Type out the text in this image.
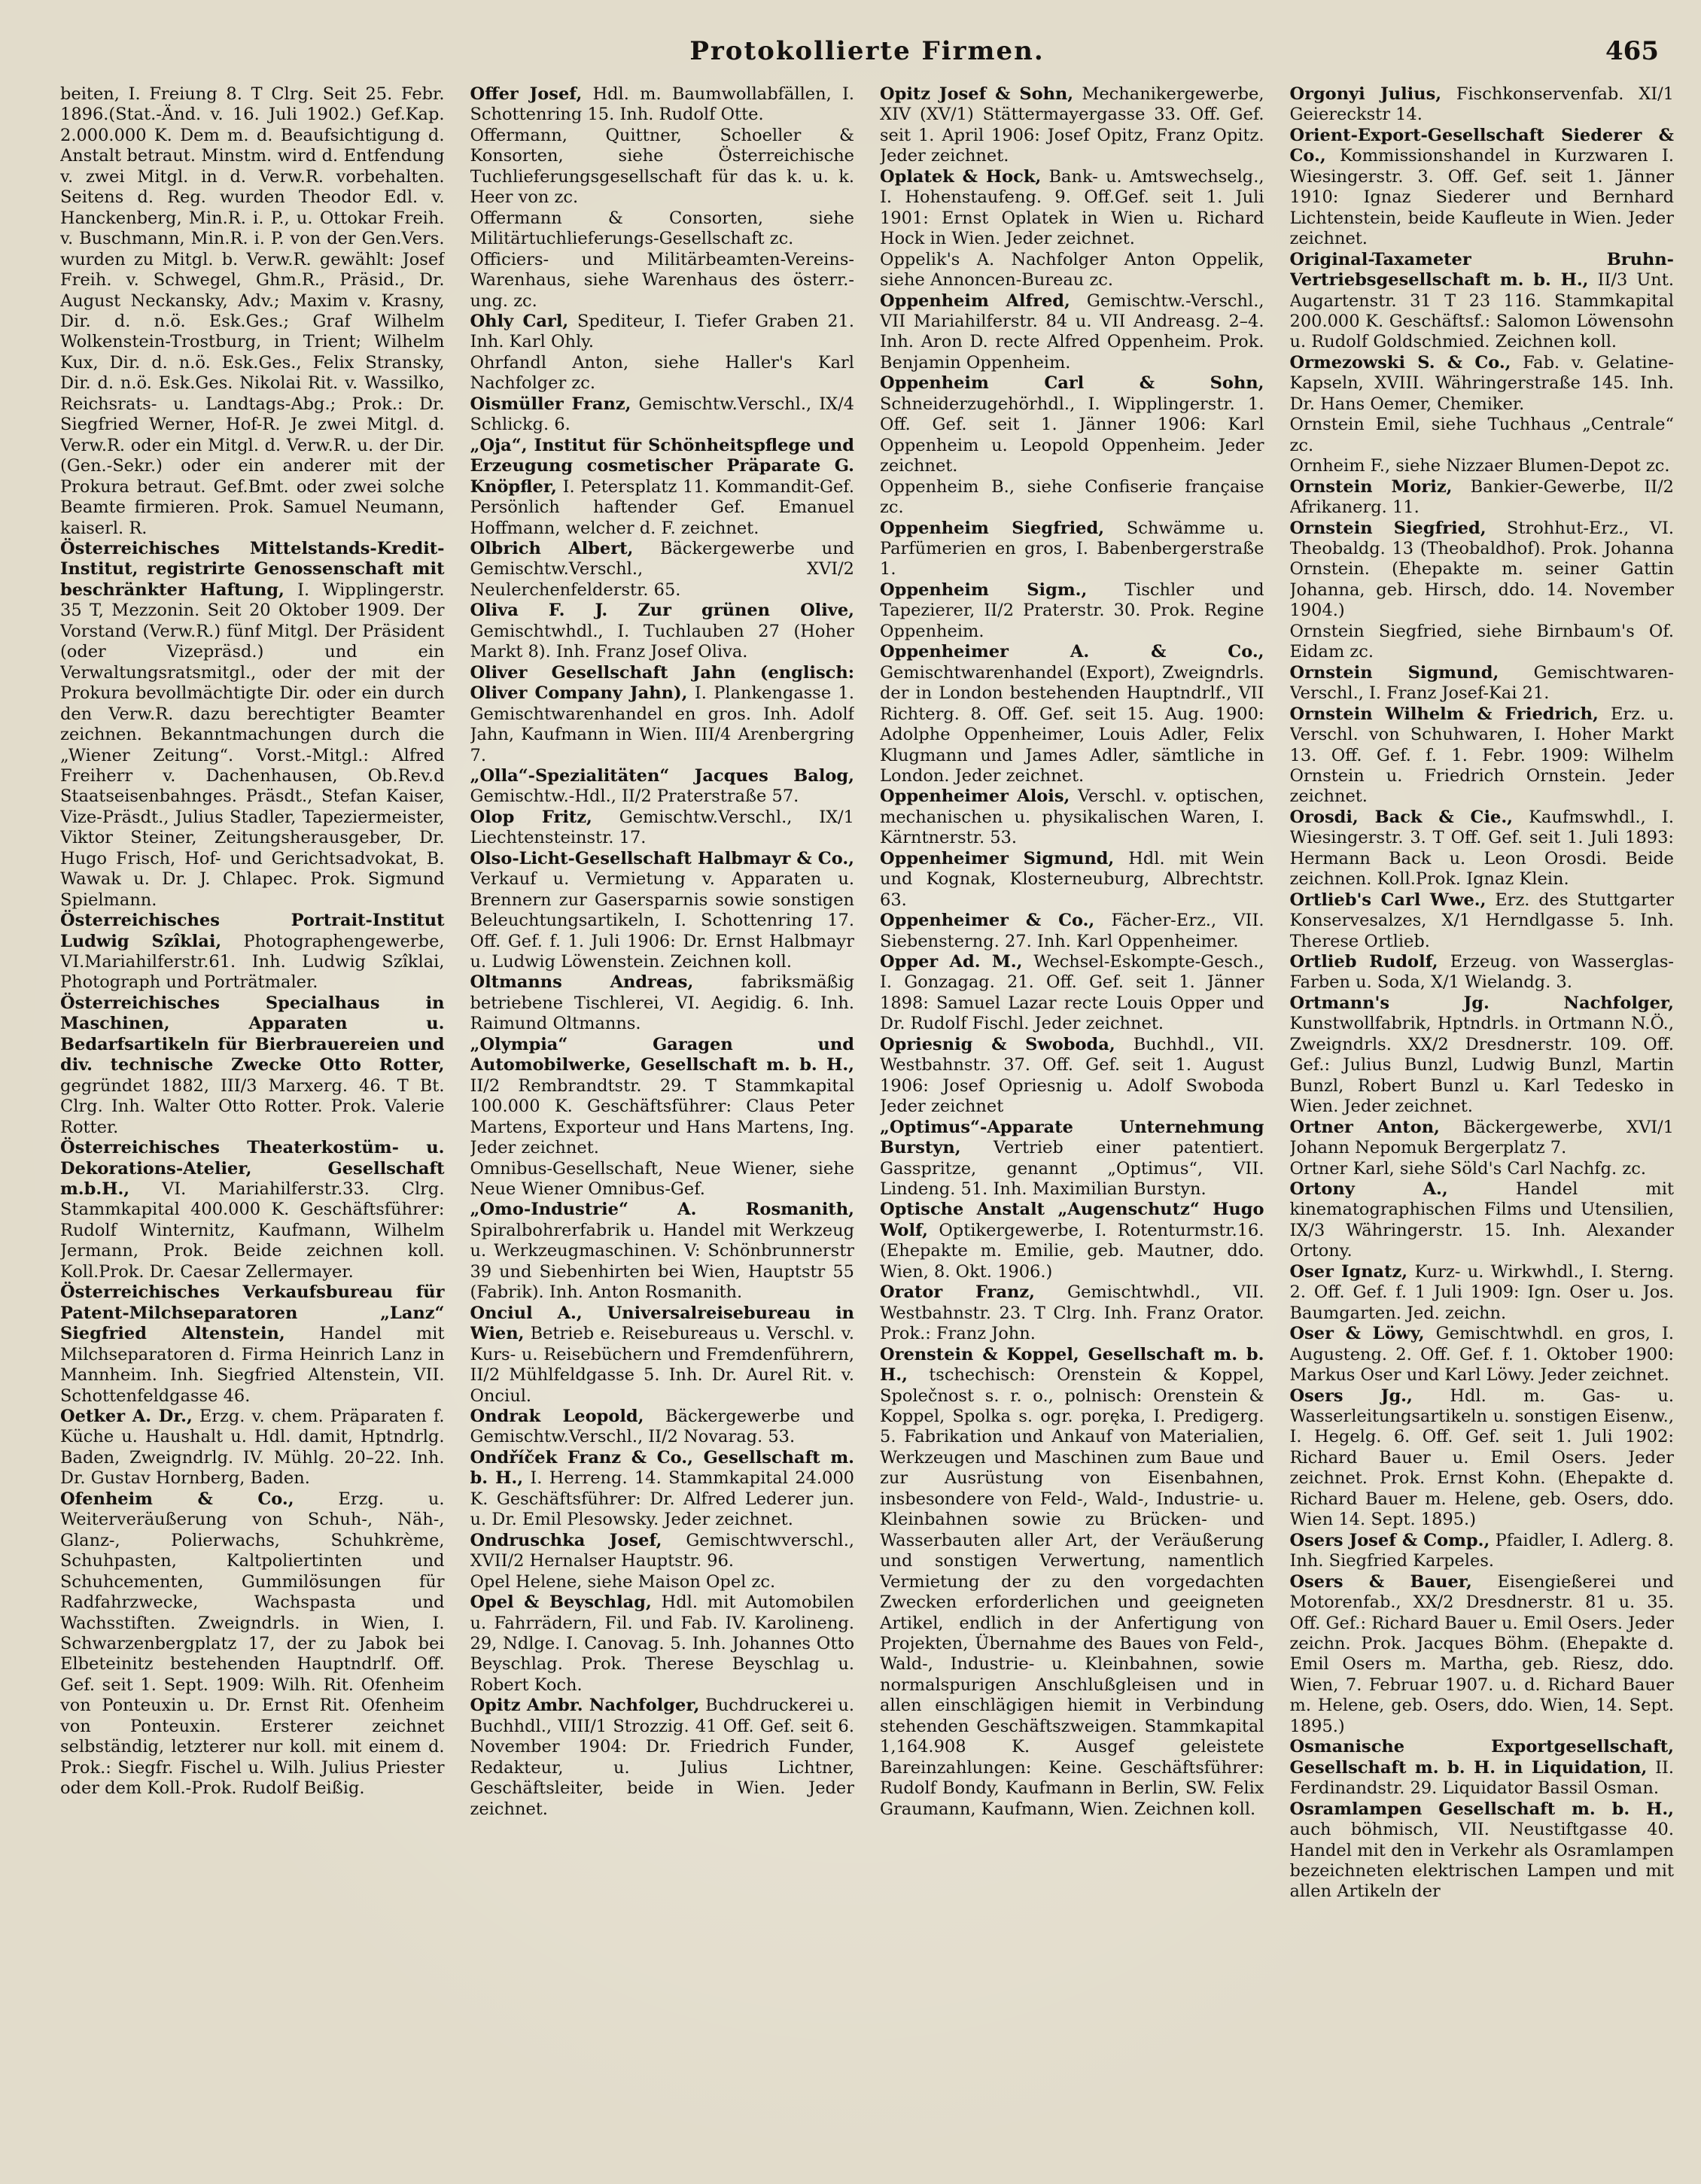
Protokollierte Firmen.	465

beiten, I. Freiung 8. T Clrg. Seit 25. Febr. 1896.(Stat.-Änd. v. 16. Juli 1902.) Gef.Kap. 2.000.000 K. Dem m. d. Beaufsichtigung d. Anstalt betraut. Minstm. wird d. Entfendung v. zwei Mitgl. in d. Verw.R. vorbehalten. Seitens d. Reg. wurden Theodor Edl. v. Hanckenberg, Min.R. i. P., u. Ottokar Freih. v. Buschmann, Min.R. i. P. von der Gen.Vers. wurden zu Mitgl. b. Verw.R. gewählt: Josef Freih. v. Schwegel, Ghm.R., Präsid., Dr. August Neckansky, Adv.; Maxim v. Krasny, Dir. d. n.ö. Esk.Ges.; Graf Wilhelm Wolkenstein-Trostburg, in Trient; Wilhelm Kux, Dir. d. n.ö. Esk.Ges., Felix Stransky, Dir. d. n.ö. Esk.Ges. Nikolai Rit. v. Wassilko, Reichsrats- u. Landtags-Abg.; Prok.: Dr. Siegfried Werner, Hof-R. Je zwei Mitgl. d. Verw.R. oder ein Mitgl. d. Verw.R. u. der Dir. (Gen.-Sekr.) oder ein anderer mit der Prokura betraut. Gef.Bmt. oder zwei solche Beamte firmieren. Prok. Samuel Neumann, kaiserl. R.

Österreichisches Mittelstands-Kredit-Institut, registrirte Genossenschaft mit beschränkter Haftung, I. Wipplingerstr. 35 T, Mezzonin. Seit 20 Oktober 1909. Der Vorstand (Verw.R.) fünf Mitgl. Der Präsident (oder Vizepräsd.) und ein Verwaltungsratsmitgl., oder der mit der Prokura bevollmächtigte Dir. oder ein durch den Verw.R. dazu berechtigter Beamter zeichnen. Bekanntmachungen durch die „Wiener Zeitung“. Vorst.-Mitgl.: Alfred Freiherr v. Dachenhausen, Ob.Rev.d Staatseisenbahnges. Präsdt., Stefan Kaiser, Vize-Präsdt., Julius Stadler, Tapeziermeister, Viktor Steiner, Zeitungsherausgeber, Dr. Hugo Frisch, Hof- und Gerichtsadvokat, B. Wawak u. Dr. J. Chlapec. Prok. Sigmund Spielmann.

Österreichisches Portrait-Institut Ludwig Szîklai, Photographengewerbe, VI.Mariahilferstr.61. Inh. Ludwig Szîklai, Photograph und Porträtmaler.

Österreichisches Specialhaus in Maschinen, Apparaten u. Bedarfsartikeln für Bierbrauereien und div. technische Zwecke Otto Rotter, gegründet 1882, III/3 Marxerg. 46. T Bt. Clrg. Inh. Walter Otto Rotter. Prok. Valerie Rotter.

Österreichisches Theaterkostüm- u. Dekorations-Atelier, Gesellschaft m.b.H., VI. Mariahilferstr.33. Clrg. Stammkapital 400.000 K. Geschäftsführer: Rudolf Winternitz, Kaufmann, Wilhelm Jermann, Prok. Beide zeichnen koll. Koll.Prok. Dr. Caesar Zellermayer.

Österreichisches Verkaufsbureau für Patent-Milchseparatoren „Lanz“ Siegfried Altenstein, Handel mit Milchseparatoren d. Firma Heinrich Lanz in Mannheim. Inh. Siegfried Altenstein, VII. Schottenfeldgasse 46.

Oetker A. Dr., Erzg. v. chem. Präparaten f. Küche u. Haushalt u. Hdl. damit, Hptndrlg. Baden, Zweigndrlg. IV. Mühlg. 20–22. Inh. Dr. Gustav Hornberg, Baden.

Ofenheim & Co.,	Erzg. u. Weiterveräußerung von Schuh-, Näh-, Glanz-, Polierwachs, Schuhkrème, Schuhpasten, Kaltpoliertinten und Schuhcementen, Gummilösungen für Radfahrzwecke, Wachspasta und Wachsstiften. Zweigndrls. in Wien, I. Schwarzenbergplatz 17, der zu Jabok bei Elbeteinitz bestehenden Hauptndrlf. Off. Gef. seit 1. Sept. 1909: Wilh. Rit. Ofenheim von Ponteuxin u. Dr. Ernst Rit. Ofenheim von Ponteuxin. Ersterer zeichnet selbständig, letzterer nur koll. mit einem d. Prok.: Siegfr. Fischel u. Wilh. Julius Priester oder dem Koll.-Prok. Rudolf Beißig.

Offer Josef, Hdl. m. Baumwollabfällen, I. Schottenring 15. Inh. Rudolf Otte.

Offermann, Quittner, Schoeller & Konsorten, siehe Österreichische Tuchlieferungsgesellschaft für das k. u. k. Heer von zc.

Offermann & Consorten, siehe Militärtuchlieferungs-Gesellschaft zc.

Officiers- und Militärbeamten-Vereins-Warenhaus, siehe Warenhaus des österr.-ung. zc.

Ohly Carl, Spediteur, I. Tiefer Graben 21. Inh. Karl Ohly.

Ohrfandl Anton, siehe Haller's Karl Nachfolger zc.

Oismüller Franz, Gemischtw.Verschl., IX/4 Schlickg. 6.

„Oja“, Institut für Schönheitspflege und Erzeugung cosmetischer Präparate G. Knöpfler, I. Petersplatz 11. Kommandit-Gef. Persönlich haftender Gef. Emanuel Hoffmann, welcher d. F. zeichnet.

Olbrich Albert, Bäckergewerbe und Gemischtw.Verschl., XVI/2 Neulerchenfelderstr. 65.

Oliva F. J. Zur grünen Olive, Gemischtwhdl., I. Tuchlauben 27 (Hoher Markt 8). Inh. Franz Josef Oliva.

Oliver Gesellschaft Jahn (englisch: Oliver Company Jahn), I. Plankengasse 1. Gemischtwarenhandel en gros. Inh. Adolf Jahn, Kaufmann in Wien. III/4 Arenbergring 7.

„Olla“-Spezialitäten“ Jacques Balog, Gemischtw.-Hdl., II/2 Praterstraße 57.

Olop Fritz, Gemischtw.Verschl., IX/1 Liechtensteinstr. 17.

Olso-Licht-Gesellschaft Halbmayr & Co., Verkauf u. Vermietung v. Apparaten u. Brennern zur Gasersparnis sowie sonstigen Beleuchtungsartikeln, I. Schottenring 17. Off. Gef. f. 1. Juli 1906: Dr. Ernst Halbmayr u. Ludwig Löwenstein. Zeichnen koll.

Oltmanns Andreas,	fabriksmäßig betriebene Tischlerei, VI. Aegidig. 6. Inh. Raimund Oltmanns.

„Olympia“ Garagen und Automobilwerke, Gesellschaft m. b. H., II/2 Rembrandtstr. 29. T Stammkapital 100.000 K. Geschäftsführer: Claus Peter Martens, Exporteur und Hans Martens, Ing. Jeder zeichnet.

Omnibus-Gesellschaft, Neue Wiener, siehe Neue Wiener Omnibus-Gef.

„Omo-Industrie“ A. Rosmanith, Spiralbohrerfabrik u. Handel mit Werkzeug u. Werkzeugmaschinen. V: Schönbrunnerstr 39 und Siebenhirten bei Wien, Hauptstr 55 (Fabrik). Inh. Anton Rosmanith.

Onciul A., Universalreisebureau in Wien, Betrieb e. Reisebureaus u. Verschl. v. Kurs- u. Reisebüchern und Fremdenführern, II/2 Mühlfeldgasse 5. Inh. Dr. Aurel Rit. v. Onciul.

Ondrak Leopold, Bäckergewerbe und Gemischtw.Verschl., II/2 Novarag. 53.

Ondříček Franz & Co., Gesellschaft m. b. H., I. Herreng. 14. Stammkapital 24.000 K. Geschäftsführer: Dr. Alfred Lederer jun. u. Dr. Emil Plesowsky. Jeder zeichnet.

Ondruschka Josef, Gemischtwverschl., XVII/2 Hernalser Hauptstr. 96.

Opel Helene, siehe Maison Opel zc.

Opel & Beyschlag, Hdl. mit Automobilen u. Fahrrädern, Fil. und Fab. IV. Karolineng. 29, Ndlge. I. Canovag. 5. Inh. Johannes Otto Beyschlag. Prok. Therese Beyschlag u. Robert Koch.

Opitz Ambr. Nachfolger, Buchdruckerei u. Buchhdl., VIII/1 Strozzig. 41 Off. Gef. seit 6. November 1904: Dr. Friedrich Funder, Redakteur, u. Julius Lichtner, Geschäftsleiter, beide in Wien. Jeder zeichnet.

Opitz Josef & Sohn, Mechanikergewerbe, XIV (XV/1) Stättermayergasse 33. Off. Gef. seit 1. April 1906: Josef Opitz, Franz Opitz. Jeder zeichnet.

Oplatek & Hock, Bank- u. Amtswechselg., I. Hohenstaufeng. 9. Off.Gef. seit 1. Juli 1901: Ernst Oplatek in Wien u. Richard Hock in Wien. Jeder zeichnet.

Oppelik's A. Nachfolger Anton Oppelik, siehe Annoncen-Bureau zc.

Oppenheim Alfred, Gemischtw.-Verschl., VII Mariahilferstr. 84 u. VII Andreasg. 2–4. Inh. Aron D. recte Alfred Oppenheim. Prok. Benjamin Oppenheim.

Oppenheim Carl & Sohn, Schneiderzugehörhdl., I. Wipplingerstr. 1. Off. Gef. seit 1. Jänner 1906: Karl Oppenheim u. Leopold Oppenheim. Jeder zeichnet.

Oppenheim B., siehe Confiserie française zc.

Oppenheim Siegfried, Schwämme u. Parfümerien en gros, I. Babenbergerstraße 1.

Oppenheim Sigm., Tischler und Tapezierer, II/2 Praterstr. 30. Prok. Regine Oppenheim.

Oppenheimer A. & Co., Gemischtwarenhandel (Export), Zweigndrls. der in London bestehenden Hauptndrlf., VII Richterg. 8. Off. Gef. seit 15. Aug. 1900: Adolphe Oppenheimer, Louis Adler, Felix Klugmann und James Adler, sämtliche in London. Jeder zeichnet.

Oppenheimer Alois, Verschl. v. optischen, mechanischen u. physikalischen Waren, I. Kärntnerstr. 53.

Oppenheimer Sigmund, Hdl. mit Wein und Kognak, Klosterneuburg, Albrechtstr. 63.

Oppenheimer & Co., Fächer-Erz., VII. Siebensterng. 27. Inh. Karl Oppenheimer.

Opper Ad. M., Wechsel-Eskompte-Gesch., I. Gonzagag. 21. Off. Gef. seit 1. Jänner 1898: Samuel Lazar recte Louis Opper und Dr. Rudolf Fischl. Jeder zeichnet.

Opriesnig & Swoboda, Buchhdl., VII. Westbahnstr. 37. Off. Gef. seit 1. August 1906: Josef Opriesnig u. Adolf Swoboda Jeder zeichnet

„Optimus“-Apparate Unternehmung Burstyn, Vertrieb einer patentiert. Gasspritze, genannt „Optimus“, VII. Lindeng. 51. Inh. Maximilian Burstyn.

Optische Anstalt „Augenschutz“ Hugo Wolf, Optikergewerbe, I. Rotenturmstr.16. (Ehepakte m. Emilie, geb. Mautner, ddo. Wien, 8. Okt. 1906.)

Orator Franz, Gemischtwhdl., VII. Westbahnstr. 23. T Clrg. Inh. Franz Orator. Prok.: Franz John.

Orenstein & Koppel, Gesellschaft m. b. H., tschechisch: Orenstein & Koppel, Společnost s. r. o., polnisch: Orenstein & Koppel, Spolka s. ogr. poręka, I. Predigerg. 5. Fabrikation und Ankauf von Materialien, Werkzeugen und Maschinen zum Baue und zur Ausrüstung von Eisenbahnen, insbesondere von Feld-, Wald-, Industrie- u. Kleinbahnen sowie zu Brücken- und Wasserbauten aller Art, der Veräußerung und sonstigen Verwertung, namentlich Vermietung der zu den vorgedachten Zwecken erforderlichen und geeigneten Artikel, endlich in der Anfertigung von Projekten, Übernahme des Baues von Feld-, Wald-, Industrie- u. Kleinbahnen, sowie normalspurigen Anschlußgleisen und in allen einschlägigen hiemit in Verbindung stehenden Geschäftszweigen. Stammkapital 1,164.908 K. Ausgef geleistete Bareinzahlungen: Keine. Geschäftsführer: Rudolf Bondy, Kaufmann in Berlin, SW. Felix Graumann, Kaufmann, Wien. Zeichnen koll.

Orgonyi Julius, Fischkonservenfab. XI/1 Geiereckstr 14.

Orient-Export-Gesellschaft Siederer & Co., Kommissionshandel in Kurzwaren I. Wiesingerstr. 3. Off. Gef. seit 1. Jänner 1910: Ignaz Siederer und Bernhard Lichtenstein, beide Kaufleute in Wien. Jeder zeichnet.

Original-Taxameter Bruhn-Vertriebsgesellschaft m. b. H., II/3 Unt. Augartenstr. 31 T 23 116. Stammkapital 200.000 K. Geschäftsf.: Salomon Löwensohn u. Rudolf Goldschmied. Zeichnen koll.

Ormezowski S. & Co., Fab. v. Gelatine-Kapseln, XVIII. Währingerstraße 145. Inh. Dr. Hans Oemer, Chemiker.

Ornstein Emil, siehe Tuchhaus „Centrale“ zc.

Ornheim F., siehe Nizzaer Blumen-Depot zc.

Ornstein Moriz, Bankier-Gewerbe, II/2 Afrikanerg. 11.

Ornstein Siegfried, Strohhut-Erz., VI. Theobaldg. 13 (Theobaldhof). Prok. Johanna Ornstein. (Ehepakte m. seiner Gattin Johanna, geb. Hirsch, ddo. 14. November 1904.)

Ornstein Siegfried, siehe Birnbaum's Of. Eidam zc.

Ornstein Sigmund, Gemischtwaren-Verschl., I. Franz Josef-Kai 21.

Ornstein Wilhelm & Friedrich, Erz. u. Verschl. von Schuhwaren, I. Hoher Markt 13. Off. Gef. f. 1. Febr. 1909: Wilhelm Ornstein u. Friedrich Ornstein. Jeder zeichnet.

Orosdi, Back & Cie., Kaufmswhdl., I. Wiesingerstr. 3. T Off. Gef. seit 1. Juli 1893: Hermann Back u. Leon Orosdi. Beide zeichnen. Koll.Prok. Ignaz Klein.

Ortlieb's Carl Wwe., Erz. des Stuttgarter Konservesalzes, X/1 Herndlgasse 5. Inh. Therese Ortlieb.

Ortlieb Rudolf, Erzeug. von Wasserglas-Farben u. Soda, X/1 Wielandg. 3.

Ortmann's Jg. Nachfolger, Kunstwollfabrik, Hptndrls. in Ortmann N.Ö., Zweigndrls. XX/2 Dresdnerstr. 109. Off. Gef.: Julius Bunzl, Ludwig Bunzl, Martin Bunzl, Robert Bunzl u. Karl Tedesko in Wien. Jeder zeichnet.

Ortner Anton, Bäckergewerbe, XVI/1 Johann Nepomuk Bergerplatz 7.

Ortner Karl, siehe Söld's Carl Nachfg. zc.

Ortony A.,	Handel mit kinematographischen Films und Utensilien, IX/3 Währingerstr. 15. Inh. Alexander Ortony.

Oser Ignatz, Kurz- u. Wirkwhdl., I. Sterng. 2. Off. Gef. f. 1 Juli 1909: Ign. Oser u. Jos. Baumgarten. Jed. zeichn.

Oser & Löwy, Gemischtwhdl. en gros, I. Augusteng. 2. Off. Gef. f. 1. Oktober 1900: Markus Oser und Karl Löwy. Jeder zeichnet.

Osers Jg., Hdl. m. Gas- u. Wasserleitungsartikeln u. sonstigen Eisenw., I. Hegelg. 6. Off. Gef. seit 1. Juli 1902: Richard Bauer u. Emil Osers. Jeder zeichnet. Prok. Ernst Kohn. (Ehepakte d. Richard Bauer m. Helene, geb. Osers, ddo. Wien 14. Sept. 1895.)

Osers Josef & Comp., Pfaidler, I. Adlerg. 8. Inh. Siegfried Karpeles.

Osers & Bauer, Eisengießerei und Motorenfab., XX/2 Dresdnerstr. 81 u. 35. Off. Gef.: Richard Bauer u. Emil Osers. Jeder zeichn. Prok. Jacques Böhm. (Ehepakte d. Emil Osers m. Martha, geb. Riesz, ddo. Wien, 7. Februar 1907. u. d. Richard Bauer m. Helene, geb. Osers, ddo. Wien, 14. Sept. 1895.)

Osmanische Exportgesellschaft, Gesellschaft m. b. H. in Liquidation, II. Ferdinandstr. 29. Liquidator Bassil Osman.

Osramlampen Gesellschaft m. b. H., auch böhmisch, VII. Neustiftgasse 40. Handel mit den in Verkehr als Osramlampen bezeichneten elektrischen Lampen und mit allen Artikeln der
